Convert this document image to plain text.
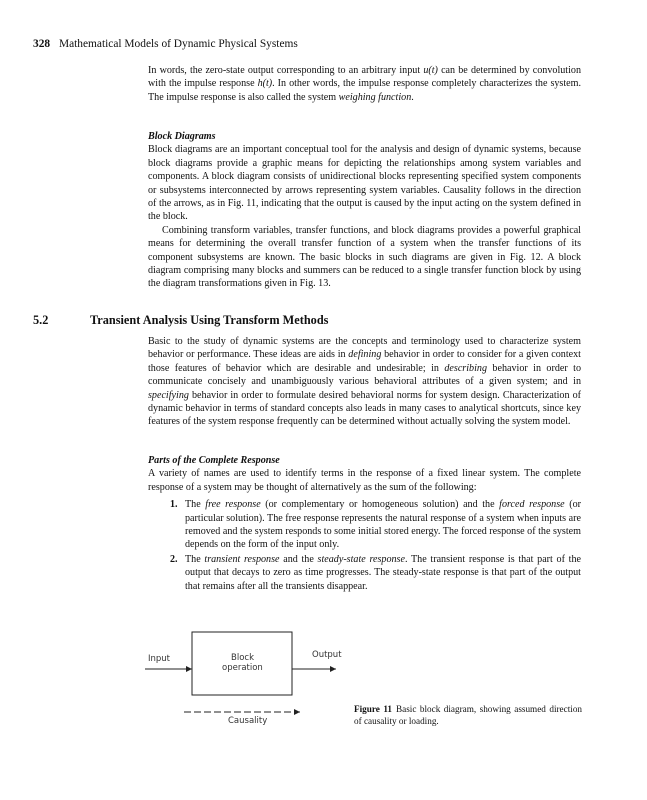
328 Mathematical Models of Dynamic Physical Systems

In words, the zero-state output corresponding to an arbitrary input u(t) can be determined by convolution with the impulse response h(t). In other words, the impulse response completely characterizes the system. The impulse response is also called the system weighing function.

Block Diagrams

Block diagrams are an important conceptual tool for the analysis and design of dynamic systems, because block diagrams provide a graphic means for depicting the relationships among system variables and components. A block diagram consists of unidirectional blocks representing specified system components or subsystems interconnected by arrows representing system variables. Causality follows in the direction of the arrows, as in Fig. 11, indicating that the output is caused by the input acting on the system defined in the block.

Combining transform variables, transfer functions, and block diagrams provides a powerful graphical means for determining the overall transfer function of a system when the transfer functions of its component subsystems are known. The basic blocks in such diagrams are given in Fig. 12. A block diagram comprising many blocks and summers can be reduced to a single transfer function block by using the diagram transformations given in Fig. 13.

5.2	Transient Analysis Using Transform Methods

Basic to the study of dynamic systems are the concepts and terminology used to characterize system behavior or performance. These ideas are aids in defining behavior in order to consider for a given context those features of behavior which are desirable and undesirable; in describing behavior in order to communicate concisely and unambiguously various behavioral attributes of a given system; and in specifying behavior in order to formulate desired behavioral norms for system design. Characterization of dynamic behavior in terms of standard concepts also leads in many cases to analytical shortcuts, since key features of the system response frequently can be determined without actually solving the system model.

Parts of the Complete Response

A variety of names are used to identify terms in the response of a fixed linear system. The complete response of a system may be thought of alternatively as the sum of the following:

1. The free response (or complementary or homogeneous solution) and the forced response (or particular solution). The free response represents the natural response of a system when inputs are removed and the system responds to some initial stored energy. The forced response of the system depends on the form of the input only.
2. The transient response and the steady-state response. The transient response is that part of the output that decays to zero as time progresses. The steady-state response is that part of the output that remains after all the transients disappear.
Input	Block
operation
Output
Causality
Figure 11 Basic block diagram, showing assumed direction of causality or loading.
